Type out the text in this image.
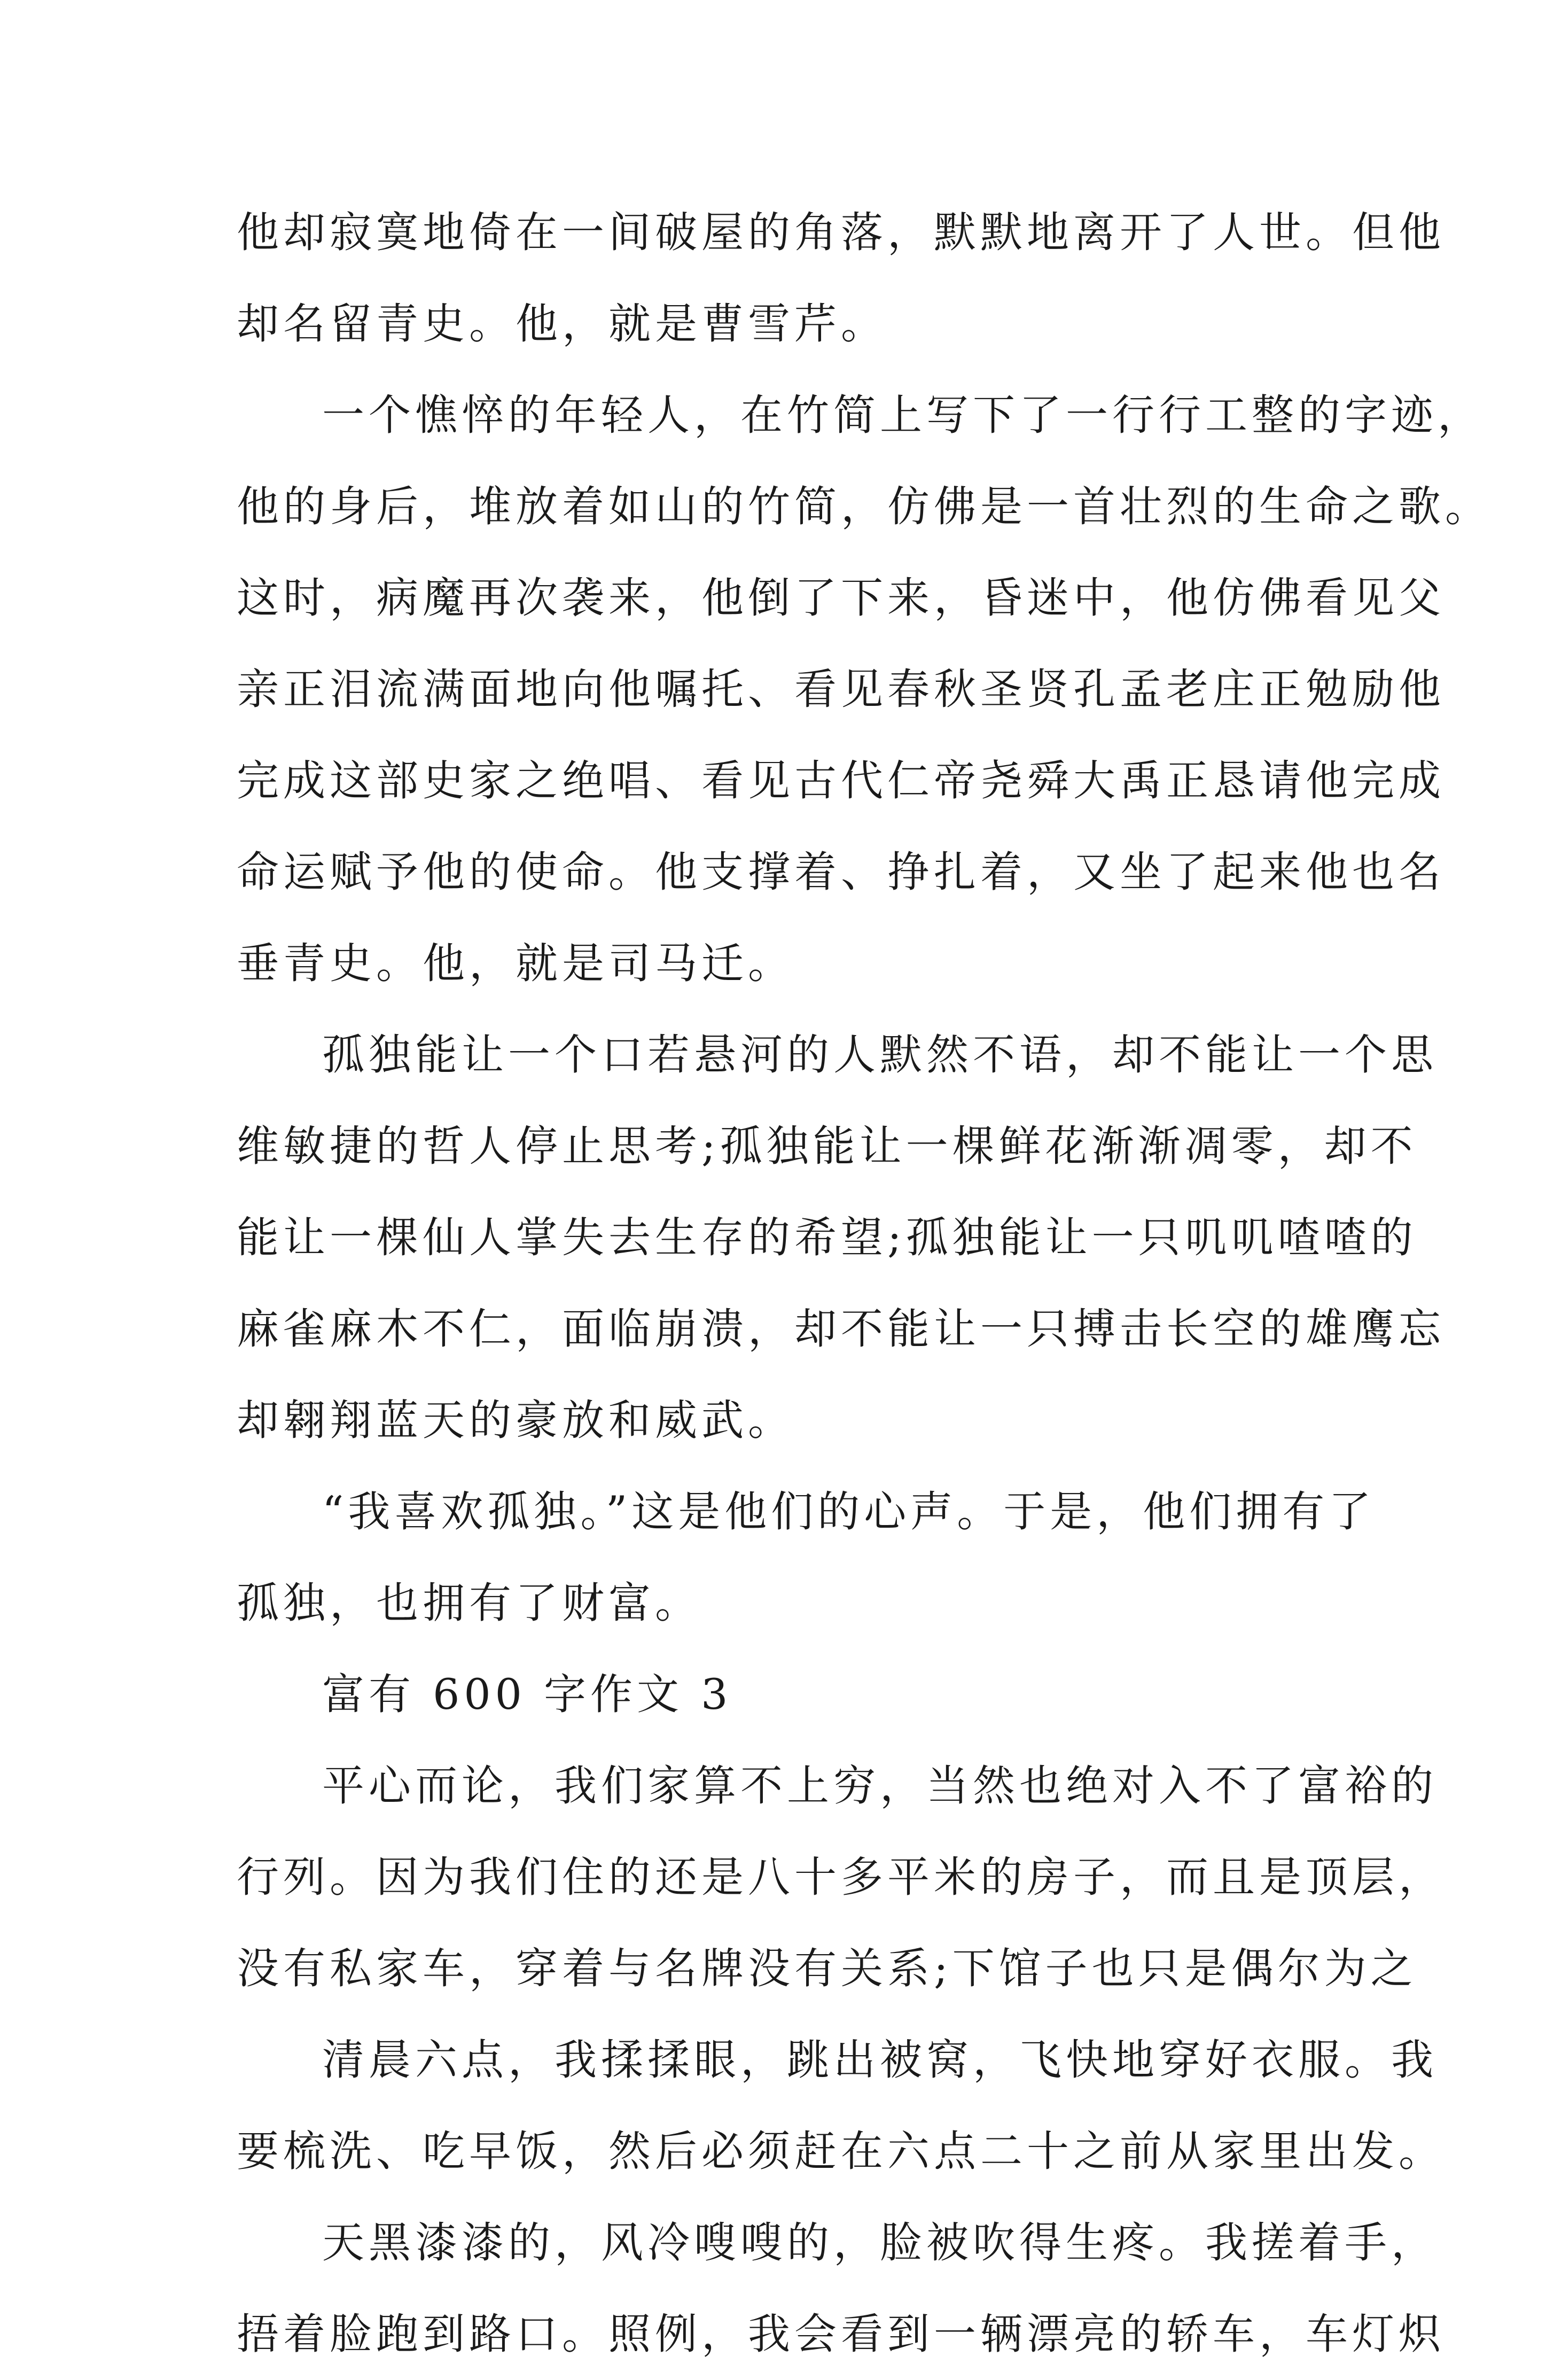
他却寂寞地倚在一间破屋的角落，默默地离开了人世。但他
却名留青史。他，就是曹雪芹。
一个憔悴的年轻人，在竹简上写下了一行行工整的字迹，
他的身后，堆放着如山的竹简，仿佛是一首壮烈的生命之歌。
这时，病魔再次袭来，他倒了下来，昏迷中，他仿佛看见父
亲正泪流满面地向他嘱托、看见春秋圣贤孔孟老庄正勉励他
完成这部史家之绝唱、看见古代仁帝尧舜大禹正恳请他完成
命运赋予他的使命。他支撑着、挣扎着，又坐了起来他也名
垂青史。他，就是司马迁。
孤独能让一个口若悬河的人默然不语，却不能让一个思
维敏捷的哲人停止思考;孤独能让一棵鲜花渐渐凋零，却不
能让一棵仙人掌失去生存的希望;孤独能让一只叽叽喳喳的
麻雀麻木不仁，面临崩溃，却不能让一只搏击长空的雄鹰忘
却翱翔蓝天的豪放和威武。
“我喜欢孤独。”这是他们的心声。于是，他们拥有了
孤独，也拥有了财富。
富有 600 字作文 3
平心而论，我们家算不上穷，当然也绝对入不了富裕的
行列。因为我们住的还是八十多平米的房子，而且是顶层，
没有私家车，穿着与名牌没有关系;下馆子也只是偶尔为之
清晨六点，我揉揉眼，跳出被窝，飞快地穿好衣服。我
要梳洗、吃早饭，然后必须赶在六点二十之前从家里出发。
天黑漆漆的，风冷嗖嗖的，脸被吹得生疼。我搓着手，
捂着脸跑到路口。照例，我会看到一辆漂亮的轿车，车灯炽
